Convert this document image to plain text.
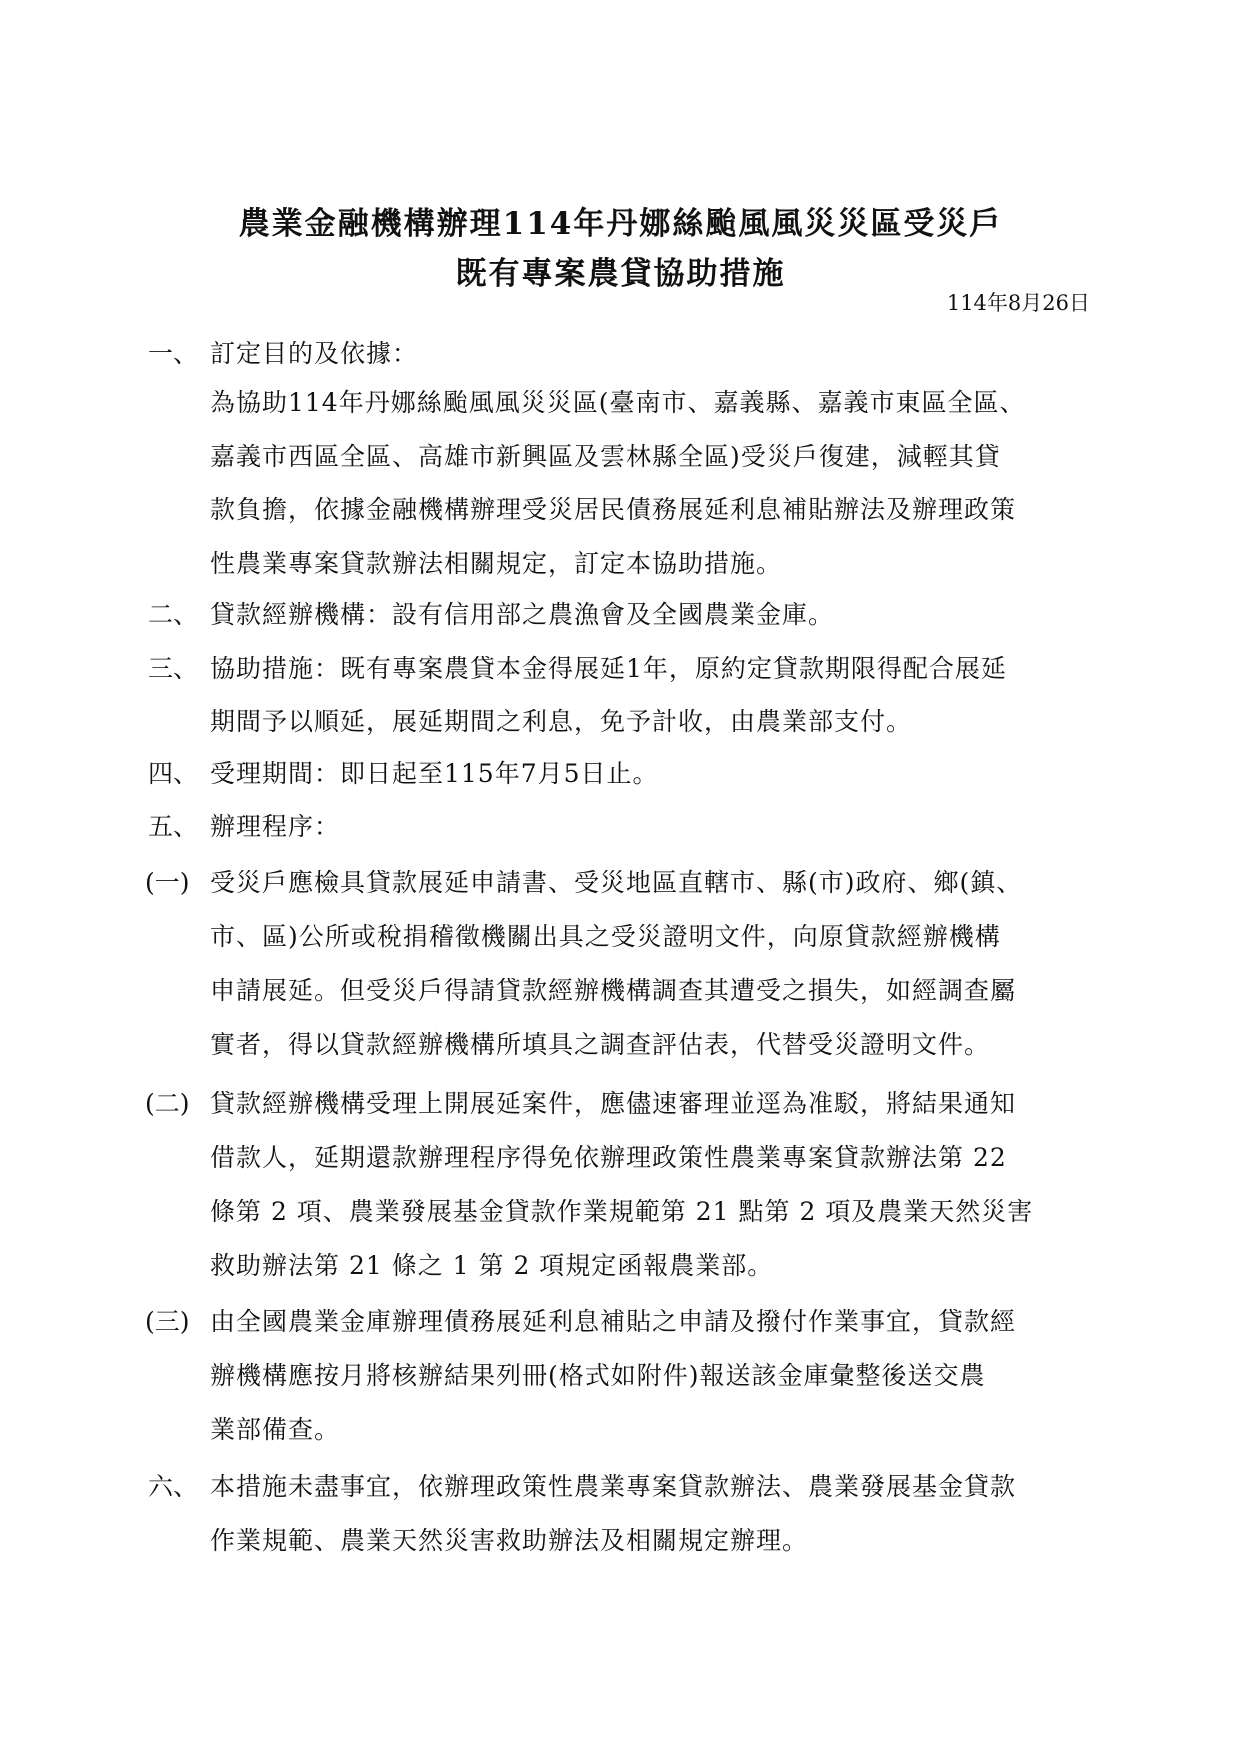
農業金融機構辦理114年丹娜絲颱風風災災區受災戶
既有專案農貸協助措施
114年8月26日
一、 訂定目的及依據：
為協助114年丹娜絲颱風風災災區(臺南市、嘉義縣、嘉義市東區全區、
嘉義市西區全區、高雄市新興區及雲林縣全區)受災戶復建，減輕其貸
款負擔，依據金融機構辦理受災居民債務展延利息補貼辦法及辦理政策
性農業專案貸款辦法相關規定，訂定本協助措施。
二、 貸款經辦機構：設有信用部之農漁會及全國農業金庫。
三、 協助措施：既有專案農貸本金得展延1年，原約定貸款期限得配合展延
期間予以順延，展延期間之利息，免予計收，由農業部支付。
四、 受理期間：即日起至115年7月5日止。
五、 辦理程序：
(一) 受災戶應檢具貸款展延申請書、受災地區直轄市、縣(市)政府、鄉(鎮、
市、區)公所或稅捐稽徵機關出具之受災證明文件，向原貸款經辦機構
申請展延。但受災戶得請貸款經辦機構調查其遭受之損失，如經調查屬
實者，得以貸款經辦機構所填具之調查評估表，代替受災證明文件。
(二) 貸款經辦機構受理上開展延案件，應儘速審理並逕為准駁，將結果通知
借款人，延期還款辦理程序得免依辦理政策性農業專案貸款辦法第 22
條第 2 項、農業發展基金貸款作業規範第 21 點第 2 項及農業天然災害
救助辦法第 21 條之 1 第 2 項規定函報農業部。
(三) 由全國農業金庫辦理債務展延利息補貼之申請及撥付作業事宜，貸款經
辦機構應按月將核辦結果列冊(格式如附件)報送該金庫彙整後送交農
業部備查。
六、 本措施未盡事宜，依辦理政策性農業專案貸款辦法、農業發展基金貸款
作業規範、農業天然災害救助辦法及相關規定辦理。
